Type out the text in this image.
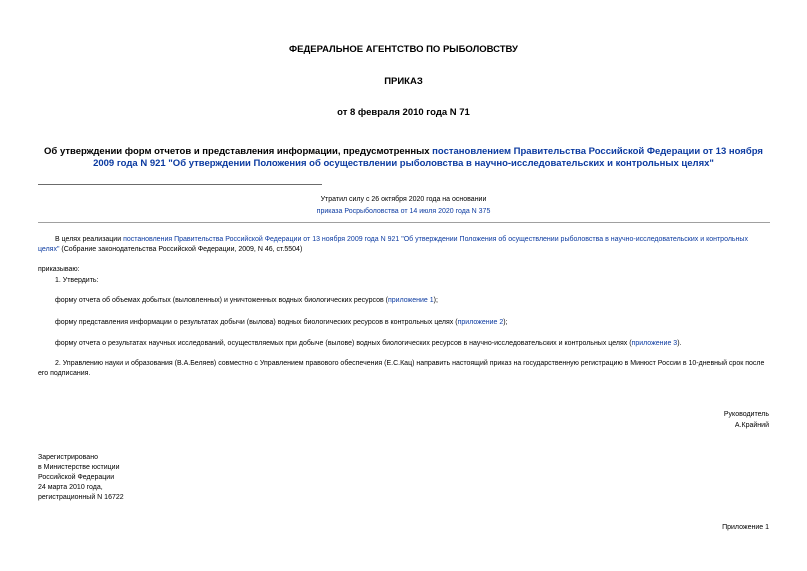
ФЕДЕРАЛЬНОЕ АГЕНТСТВО ПО РЫБОЛОВСТВУ
ПРИКАЗ
от 8 февраля 2010 года N 71
Об утверждении форм отчетов и представления информации, предусмотренных постановлением Правительства Российской Федерации от 13 ноября 2009 года N 921 "Об утверждении Положения об осуществлении рыболовства в научно-исследовательских и контрольных целях"
Утратил силу с 26 октября 2020 года на основании
приказа Росрыболовства от 14 июля 2020 года N 375
В целях реализации постановления Правительства Российской Федерации от 13 ноября 2009 года N 921 "Об утверждении Положения об осуществлении рыболовства в научно-исследовательских и контрольных целях" (Собрание законодательства Российской Федерации, 2009, N 46, ст.5504)
приказываю:
1. Утвердить:
форму отчета об объемах добытых (выловленных) и уничтоженных водных биологических ресурсов (приложение 1);
форму представления информации о результатах добычи (вылова) водных биологических ресурсов в контрольных целях (приложение 2);
форму отчета о результатах научных исследований, осуществляемых при добыче (вылове) водных биологических ресурсов в научно-исследовательских и контрольных целях (приложение 3).
2. Управлению науки и образования (В.А.Беляев) совместно с Управлением правового обеспечения (Е.С.Кац) направить настоящий приказ на государственную регистрацию в Минюст России в 10-дневный срок после его подписания.
Руководитель
А.Крайний
Зарегистрировано
в Министерстве юстиции
Российской Федерации
24 марта 2010 года,
регистрационный N 16722
Приложение 1
